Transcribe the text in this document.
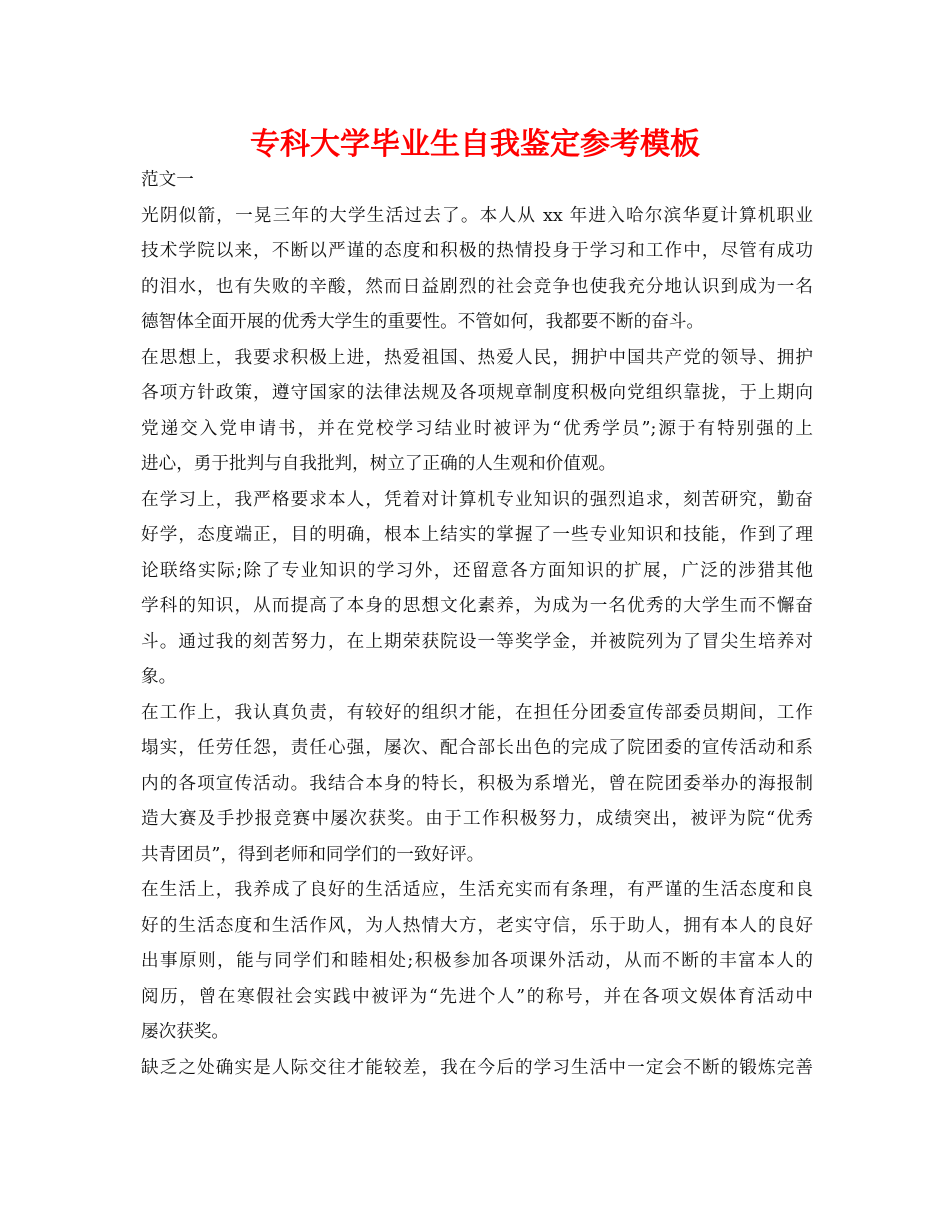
专科大学毕业生自我鉴定参考模板
范文一
光阴似箭，一晃三年的大学生活过去了。本人从 xx 年进入哈尔滨华夏计算机职业
技术学院以来，不断以严谨的态度和积极的热情投身于学习和工作中，尽管有成功
的泪水，也有失败的辛酸，然而日益剧烈的社会竞争也使我充分地认识到成为一名
德智体全面开展的优秀大学生的重要性。不管如何，我都要不断的奋斗。
在思想上，我要求积极上进，热爱祖国、热爱人民，拥护中国共产党的领导、拥护
各项方针政策，遵守国家的法律法规及各项规章制度积极向党组织靠拢，于上期向
党递交入党申请书，并在党校学习结业时被评为“优秀学员”;源于有特别强的上
进心，勇于批判与自我批判，树立了正确的人生观和价值观。
在学习上，我严格要求本人，凭着对计算机专业知识的强烈追求，刻苦研究，勤奋
好学，态度端正，目的明确，根本上结实的掌握了一些专业知识和技能，作到了理
论联络实际;除了专业知识的学习外，还留意各方面知识的扩展，广泛的涉猎其他
学科的知识，从而提高了本身的思想文化素养，为成为一名优秀的大学生而不懈奋
斗。通过我的刻苦努力，在上期荣获院设一等奖学金，并被院列为了冒尖生培养对
象。
在工作上，我认真负责，有较好的组织才能，在担任分团委宣传部委员期间，工作
塌实，任劳任怨，责任心强，屡次、配合部长出色的完成了院团委的宣传活动和系
内的各项宣传活动。我结合本身的特长，积极为系增光，曾在院团委举办的海报制
造大赛及手抄报竞赛中屡次获奖。由于工作积极努力，成绩突出，被评为院“优秀
共青团员”，得到老师和同学们的一致好评。
在生活上，我养成了良好的生活适应，生活充实而有条理，有严谨的生活态度和良
好的生活态度和生活作风，为人热情大方，老实守信，乐于助人，拥有本人的良好
出事原则，能与同学们和睦相处;积极参加各项课外活动，从而不断的丰富本人的
阅历，曾在寒假社会实践中被评为“先进个人”的称号，并在各项文娱体育活动中
屡次获奖。
缺乏之处确实是人际交往才能较差，我在今后的学习生活中一定会不断的锻炼完善
